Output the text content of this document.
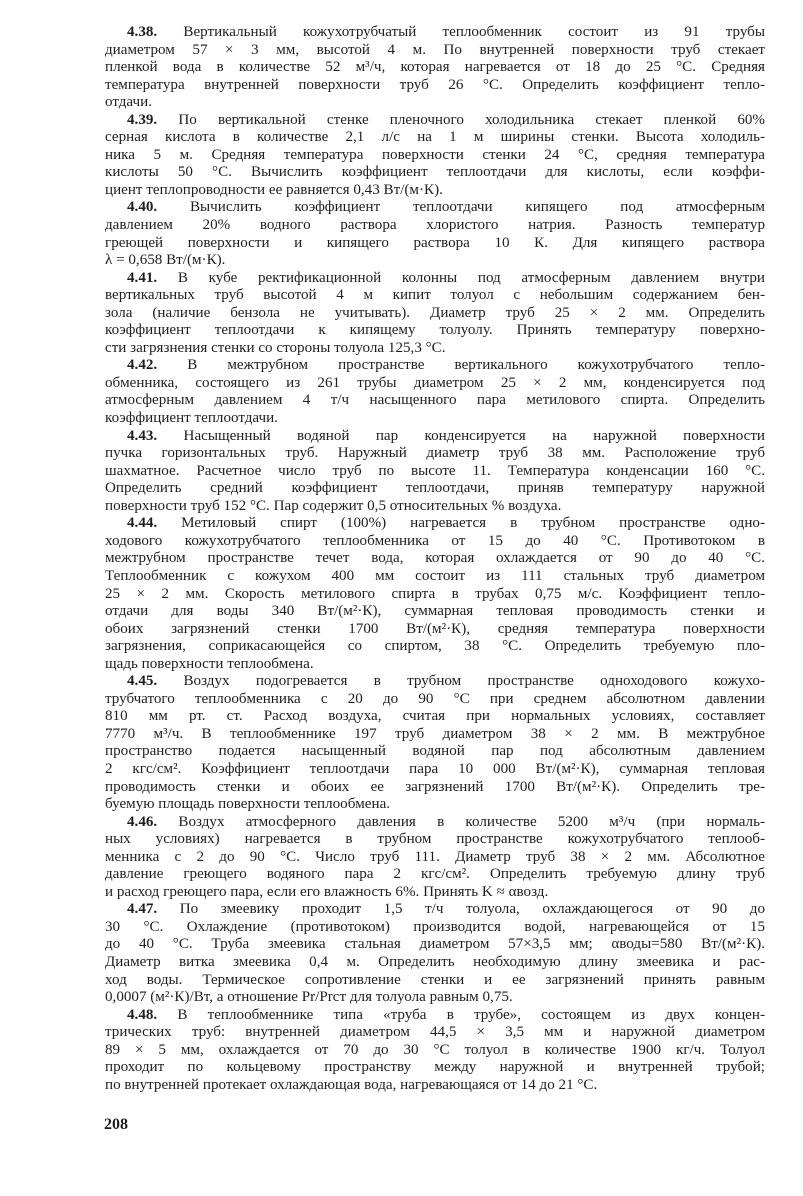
4.38. Вертикальный кожухотрубчатый теплообменник состоит из 91 трубы
диаметром 57 × 3 мм, высотой 4 м. По внутренней поверхности труб стекает
пленкой вода в количестве 52 м³/ч, которая нагревается от 18 до 25 °С. Средняя
температура внутренней поверхности труб 26 °С. Определить коэффициент тепло-
отдачи.
4.39. По вертикальной стенке пленочного холодильника стекает пленкой 60%
серная кислота в количестве 2,1 л/с на 1 м ширины стенки. Высота холодиль-
ника 5 м. Средняя температура поверхности стенки 24 °С, средняя температура
кислоты 50 °С. Вычислить коэффициент теплоотдачи для кислоты, если коэффи-
циент теплопроводности ее равняется 0,43 Вт/(м·К).
4.40. Вычислить коэффициент теплоотдачи кипящего под атмосферным
давлением 20% водного раствора хлористого натрия. Разность температур
греющей поверхности и кипящего раствора 10 К. Для кипящего раствора
λ = 0,658 Вт/(м·К).
4.41. В кубе ректификационной колонны под атмосферным давлением внутри
вертикальных труб высотой 4 м кипит толуол с небольшим содержанием бен-
зола (наличие бензола не учитывать). Диаметр труб 25 × 2 мм. Определить
коэффициент теплоотдачи к кипящему толуолу. Принять температуру поверхно-
сти загрязнения стенки со стороны толуола 125,3 °С.
4.42. В межтрубном пространстве вертикального кожухотрубчатого тепло-
обменника, состоящего из 261 трубы диаметром 25 × 2 мм, конденсируется под
атмосферным давлением 4 т/ч насыщенного пара метилового спирта. Определить
коэффициент теплоотдачи.
4.43. Насыщенный водяной пар конденсируется на наружной поверхности
пучка горизонтальных труб. Наружный диаметр труб 38 мм. Расположение труб
шахматное. Расчетное число труб по высоте 11. Температура конденсации 160 °С.
Определить средний коэффициент теплоотдачи, приняв температуру наружной
поверхности труб 152 °С. Пар содержит 0,5 относительных % воздуха.
4.44. Метиловый спирт (100%) нагревается в трубном пространстве одно-
ходового кожухотрубчатого теплообменника от 15 до 40 °С. Противотоком в
межтрубном пространстве течет вода, которая охлаждается от 90 до 40 °С.
Теплообменник с кожухом 400 мм состоит из 111 стальных труб диаметром
25 × 2 мм. Скорость метилового спирта в трубах 0,75 м/с. Коэффициент тепло-
отдачи для воды 340 Вт/(м²·К), суммарная тепловая проводимость стенки и
обоих загрязнений стенки 1700 Вт/(м²·К), средняя температура поверхности
загрязнения, соприкасающейся со спиртом, 38 °С. Определить требуемую пло-
щадь поверхности теплообмена.
4.45. Воздух подогревается в трубном пространстве одноходового кожухо-
трубчатого теплообменника с 20 до 90 °С при среднем абсолютном давлении
810 мм рт. ст. Расход воздуха, считая при нормальных условиях, составляет
7770 м³/ч. В теплообменнике 197 труб диаметром 38 × 2 мм. В межтрубное
пространство подается насыщенный водяной пар под абсолютным давлением
2 кгс/см². Коэффициент теплоотдачи пара 10 000 Вт/(м²·К), суммарная тепловая
проводимость стенки и обоих ее загрязнений 1700 Вт/(м²·К). Определить тре-
буемую площадь поверхности теплообмена.
4.46. Воздух атмосферного давления в количестве 5200 м³/ч (при нормаль-
ных условиях) нагревается в трубном пространстве кожухотрубчатого теплооб-
менника с 2 до 90 °С. Число труб 111. Диаметр труб 38 × 2 мм. Абсолютное
давление греющего водяного пара 2 кгс/см². Определить требуемую длину труб
и расход греющего пара, если его влажность 6%. Принять K ≈ αвозд.
4.47. По змеевику проходит 1,5 т/ч толуола, охлаждающегося от 90 до
30 °С. Охлаждение (противотоком) производится водой, нагревающейся от 15
до 40 °С. Труба змеевика стальная диаметром 57×3,5 мм; αводы=580 Вт/(м²·К).
Диаметр витка змеевика 0,4 м. Определить необходимую длину змеевика и рас-
ход воды. Термическое сопротивление стенки и ее загрязнений принять равным
0,0007 (м²·К)/Вт, а отношение Pr/Prст для толуола равным 0,75.
4.48. В теплообменнике типа «труба в трубе», состоящем из двух концен-
трических труб: внутренней диаметром 44,5 × 3,5 мм и наружной диаметром
89 × 5 мм, охлаждается от 70 до 30 °С толуол в количестве 1900 кг/ч. Толуол
проходит по кольцевому пространству между наружной и внутренней трубой;
по внутренней протекает охлаждающая вода, нагревающаяся от 14 до 21 °С.
208
